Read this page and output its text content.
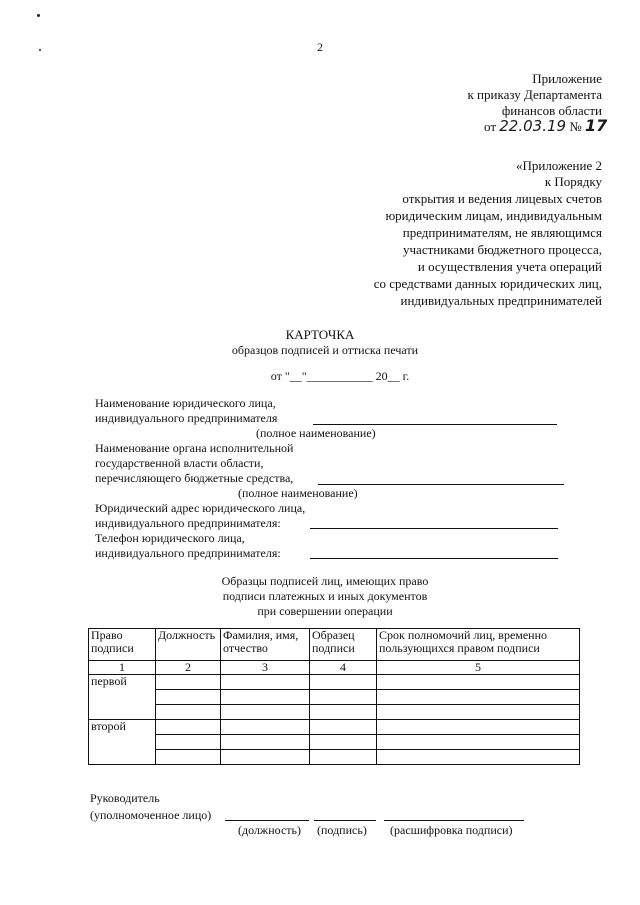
2
Приложение
к приказу Департамента
финансов области
от 22.03.19 № 17
«Приложение 2
к Порядку
открытия и ведения лицевых счетов
юридическим лицам, индивидуальным
предпринимателям, не являющимся
участниками бюджетного процесса,
и осуществления учета операций
со средствами данных юридических лиц,
индивидуальных предпринимателей
КАРТОЧКА
образцов подписей и оттиска печати
от "__"___________ 20__ г.
Наименование юридического лица,
индивидуального предпринимателя
(полное наименование)
Наименование органа исполнительной
государственной власти области,
перечисляющего бюджетные средства,
(полное наименование)
Юридический адрес юридического лица,
индивидуального предпринимателя:
Телефон юридического лица,
индивидуального предпринимателя:
Образцы подписей лиц, имеющих право
подписи платежных и иных документов
при совершении операции
Право подписи	Должность	Фамилия, имя, отчество	Образец подписи	Срок полномочий лиц, временно пользующихся правом подписи
1	2	3	4	5
первой				

второй				

Руководитель
(уполномоченное лицо)
(должность) (подпись) (расшифровка подписи)
